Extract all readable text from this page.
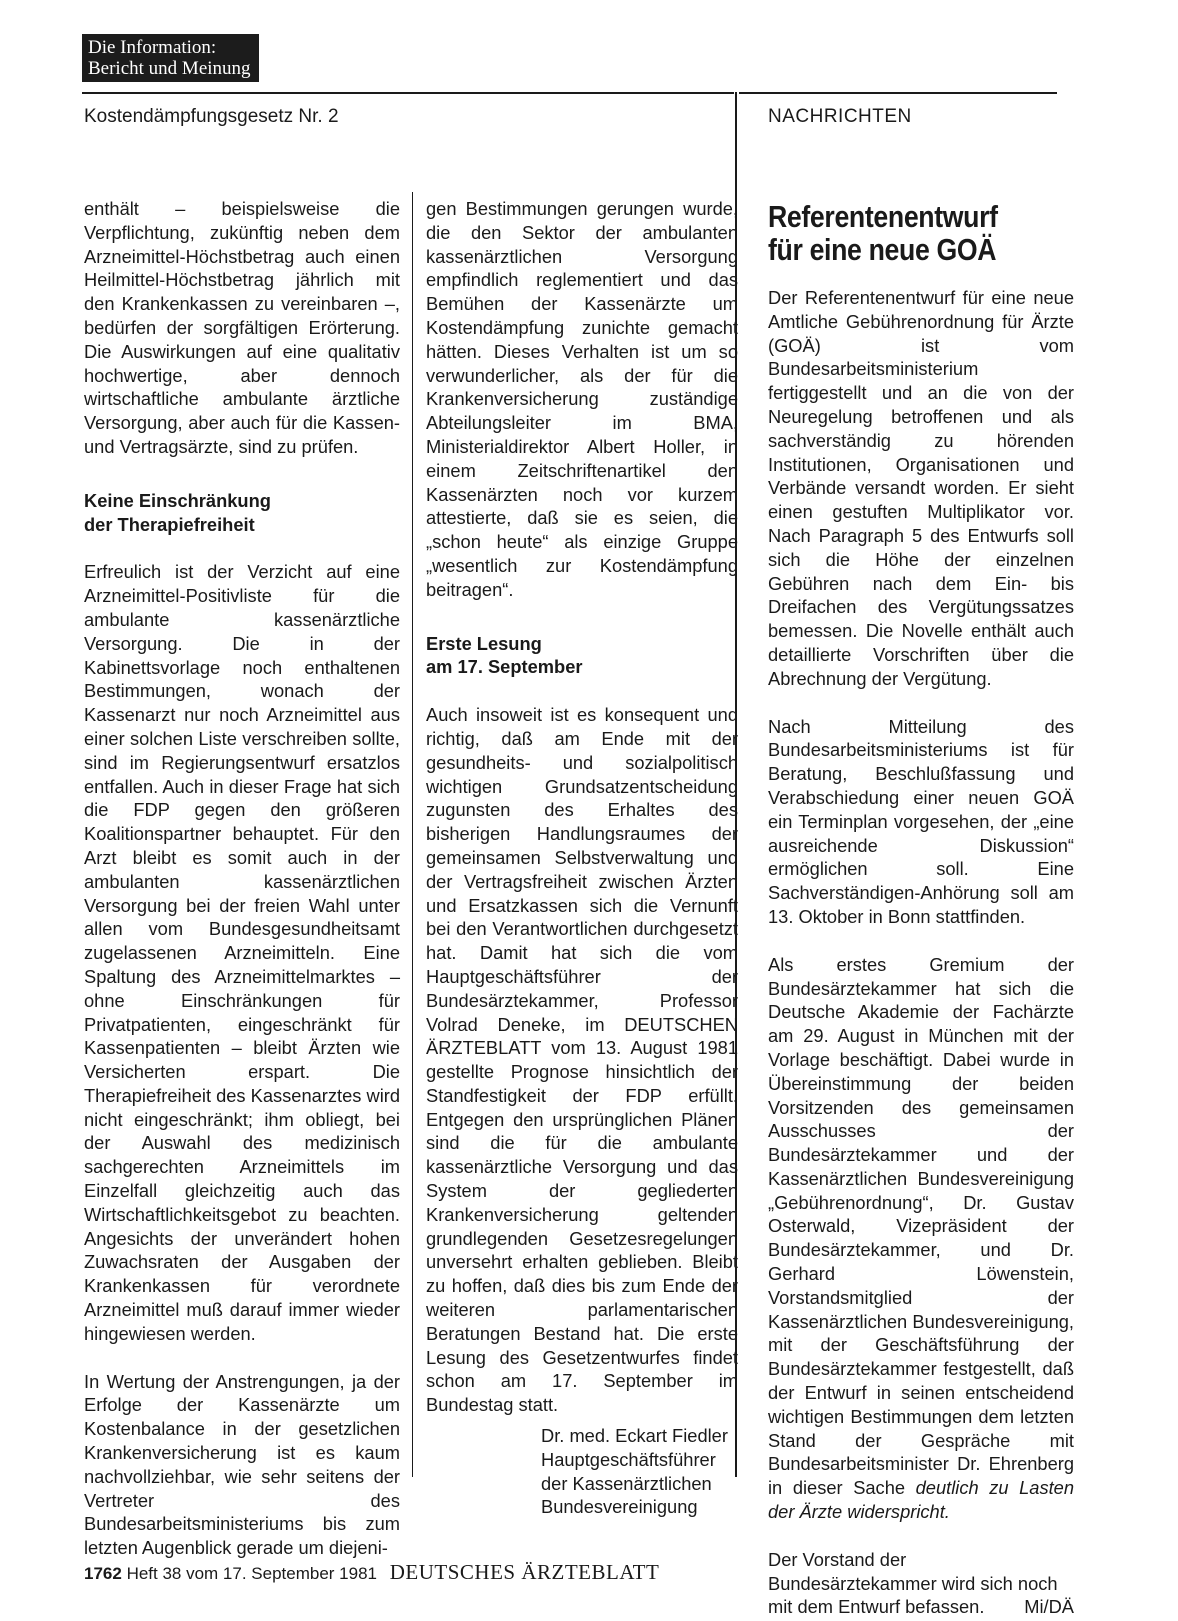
Die Information:
Bericht und Meinung
Kostendämpfungsgesetz Nr. 2	NACHRICHTEN

enthält – beispielsweise die Verpflichtung, zukünftig neben dem Arzneimittel-Höchstbetrag auch einen Heilmittel-Höchstbetrag jährlich mit den Krankenkassen zu vereinbaren –, bedürfen der sorgfältigen Erörterung. Die Auswirkungen auf eine qualitativ hochwertige, aber dennoch wirtschaftliche ambulante ärztliche Versorgung, aber auch für die Kassen- und Vertragsärzte, sind zu prüfen.

Keine Einschränkung
der Therapiefreiheit

Erfreulich ist der Verzicht auf eine Arzneimittel-Positivliste für die ambulante kassenärztliche Versorgung. Die in der Kabinettsvorlage noch enthaltenen Bestimmungen, wonach der Kassenarzt nur noch Arzneimittel aus einer solchen Liste verschreiben sollte, sind im Regierungsentwurf ersatzlos entfallen. Auch in dieser Frage hat sich die FDP gegen den größeren Koalitionspartner behauptet. Für den Arzt bleibt es somit auch in der ambulanten kassenärztlichen Versorgung bei der freien Wahl unter allen vom Bundesgesundheitsamt zugelassenen Arzneimitteln. Eine Spaltung des Arzneimittelmarktes – ohne Einschränkungen für Privatpatienten, eingeschränkt für Kassenpatienten – bleibt Ärzten wie Versicherten erspart. Die Therapiefreiheit des Kassenarztes wird nicht eingeschränkt; ihm obliegt, bei der Auswahl des medizinisch sachgerechten Arzneimittels im Einzelfall gleichzeitig auch das Wirtschaftlichkeitsgebot zu beachten. Angesichts der unverändert hohen Zuwachsraten der Ausgaben der Krankenkassen für verordnete Arzneimittel muß darauf immer wieder hingewiesen werden.

In Wertung der Anstrengungen, ja der Erfolge der Kassenärzte um Kostenbalance in der gesetzlichen Krankenversicherung ist es kaum nachvollziehbar, wie sehr seitens der Vertreter des Bundesarbeitsministeriums bis zum letzten Augenblick gerade um diejeni-

gen Bestimmungen gerungen wurde, die den Sektor der ambulanten kassenärztlichen Versorgung empfindlich reglementiert und das Bemühen der Kassenärzte um Kostendämpfung zunichte gemacht hätten. Dieses Verhalten ist um so verwunderlicher, als der für die Krankenversicherung zuständige Abteilungsleiter im BMA, Ministerialdirektor Albert Holler, in einem Zeitschriftenartikel den Kassenärzten noch vor kurzem attestierte, daß sie es seien, die „schon heute“ als einzige Gruppe „wesentlich zur Kostendämpfung beitragen“.

Erste Lesung
am 17. September

Auch insoweit ist es konsequent und richtig, daß am Ende mit der gesundheits- und sozialpolitisch wichtigen Grundsatzentscheidung zugunsten des Erhaltes des bisherigen Handlungsraumes der gemeinsamen Selbstverwaltung und der Vertragsfreiheit zwischen Ärzten und Ersatzkassen sich die Vernunft bei den Verantwortlichen durchgesetzt hat. Damit hat sich die vom Hauptgeschäftsführer der Bundesärztekammer, Professor Volrad Deneke, im DEUTSCHEN ÄRZTEBLATT vom 13. August 1981 gestellte Prognose hinsichtlich der Standfestigkeit der FDP erfüllt. Entgegen den ursprünglichen Plänen sind die für die ambulante kassenärztliche Versorgung und das System der gegliederten Krankenversicherung geltenden grundlegenden Gesetzesregelungen unversehrt erhalten geblieben. Bleibt zu hoffen, daß dies bis zum Ende der weiteren parlamentarischen Beratungen Bestand hat. Die erste Lesung des Gesetzentwurfes findet schon am 17. September im Bundestag statt.

Dr. med. Eckart Fiedler
Hauptgeschäftsführer
der Kassenärztlichen
Bundesvereinigung
Referentenentwurf
für eine neue GOÄ

Der Referentenentwurf für eine neue Amtliche Gebührenordnung für Ärzte (GOÄ) ist vom Bundesarbeitsministerium fertiggestellt und an die von der Neuregelung betroffenen und als sachverständig zu hörenden Institutionen, Organisationen und Verbände versandt worden. Er sieht einen gestuften Multiplikator vor. Nach Paragraph 5 des Entwurfs soll sich die Höhe der einzelnen Gebühren nach dem Ein- bis Dreifachen des Vergütungssatzes bemessen. Die Novelle enthält auch detaillierte Vorschriften über die Abrechnung der Vergütung.

Nach Mitteilung des Bundesarbeitsministeriums ist für Beratung, Beschlußfassung und Verabschiedung einer neuen GOÄ ein Terminplan vorgesehen, der „eine ausreichende Diskussion“ ermöglichen soll. Eine Sachverständigen-Anhörung soll am 13. Oktober in Bonn stattfinden.

Als erstes Gremium der Bundesärztekammer hat sich die Deutsche Akademie der Fachärzte am 29. August in München mit der Vorlage beschäftigt. Dabei wurde in Übereinstimmung der beiden Vorsitzenden des gemeinsamen Ausschusses der Bundesärztekammer und der Kassenärztlichen Bundesvereinigung „Gebührenordnung“, Dr. Gustav Osterwald, Vizepräsident der Bundesärztekammer, und Dr. Gerhard Löwenstein, Vorstandsmitglied der Kassenärztlichen Bundesvereinigung, mit der Geschäftsführung der Bundesärztekammer festgestellt, daß der Entwurf in seinen entscheidend wichtigen Bestimmungen dem letzten Stand der Gespräche mit Bundesarbeitsminister Dr. Ehrenberg in dieser Sache deutlich zu Lasten der Ärzte widerspricht.

Der Vorstand der Bundesärztekammer wird sich noch mit dem Entwurf befassen. Mi/DÄ

1762 Heft 38 vom 17. September 1981 DEUTSCHES ÄRZTEBLATT
